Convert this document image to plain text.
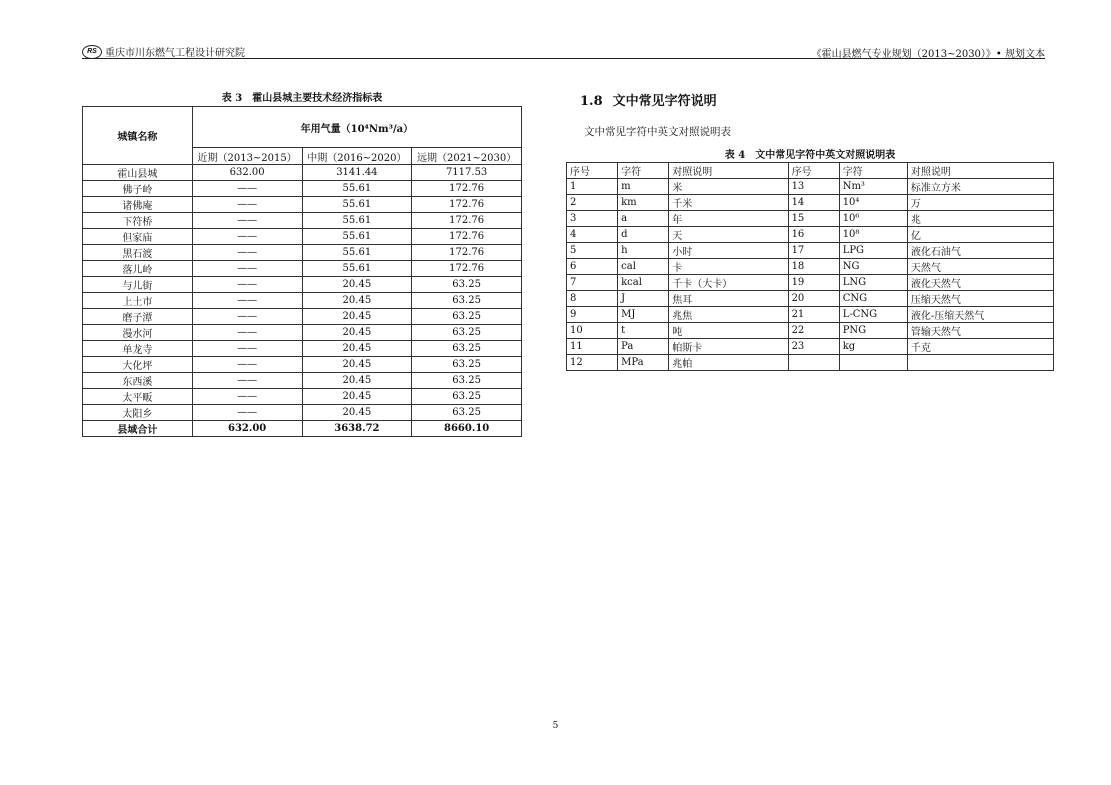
RS 重庆市川东燃气工程设计研究院	《霍山县燃气专业规划（2013~2030）》• 规划文本
表 3　霍山县城主要技术经济指标表
城镇名称	年用气量（10⁴Nm³/a）		
	近期（2013~2015）	中期（2016~2020）	远期（2021~2030）
霍山县城	632.00	3141.44	7117.53
佛子岭	——	55.61	172.76
诸佛庵	——	55.61	172.76
下符桥	——	55.61	172.76
但家庙	——	55.61	172.76
黑石渡	——	55.61	172.76
落儿岭	——	55.61	172.76
与儿街	——	20.45	63.25
上土市	——	20.45	63.25
磨子潭	——	20.45	63.25
漫水河	——	20.45	63.25
单龙寺	——	20.45	63.25
大化坪	——	20.45	63.25
东西溪	——	20.45	63.25
太平畈	——	20.45	63.25
太阳乡	——	20.45	63.25
县域合计	632.00	3638.72	8660.10
1.8 文中常见字符说明
文中常见字符中英文对照说明表
表 4　文中常见字符中英文对照说明表
序号	字符	对照说明	序号	字符	对照说明
1	m	米	13	Nm³	标准立方米
2	km	千米	14	10⁴	万
3	a	年	15	10⁶	兆
4	d	天	16	10⁸	亿
5	h	小时	17	LPG	液化石油气
6	cal	卡	18	NG	天然气
7	kcal	千卡（大卡）	19	LNG	液化天然气
8	J	焦耳	20	CNG	压缩天然气
9	MJ	兆焦	21	L-CNG	液化-压缩天然气
10	t	吨	22	PNG	管输天然气
11	Pa	帕斯卡	23	kg	千克
12	MPa	兆帕			
5
